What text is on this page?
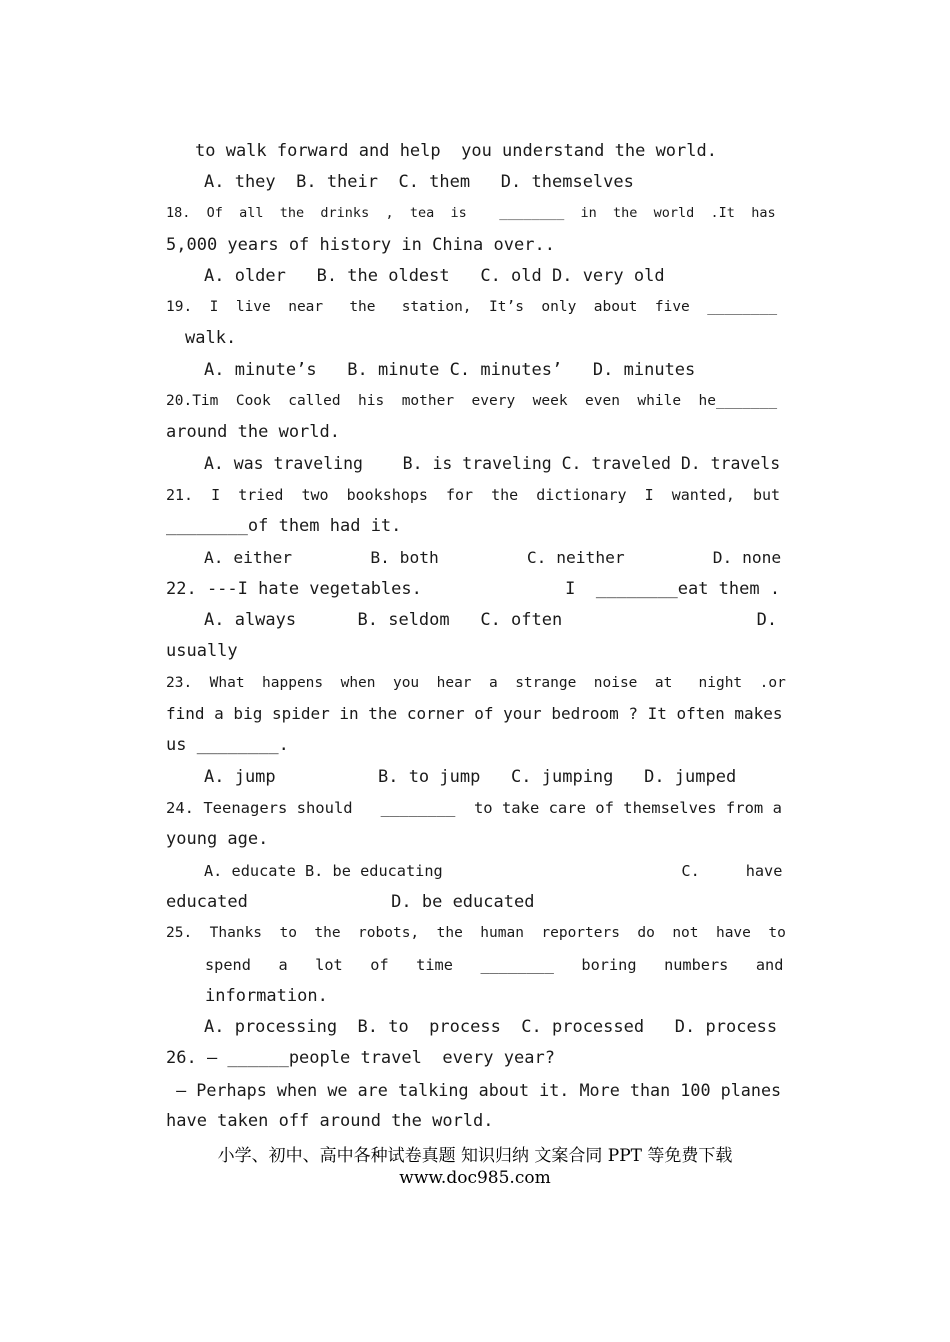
to walk forward and help  you understand the world.
A. they  B. their  C. them   D. themselves
18.  Of  all  the  drinks  ,  tea  is    ________  in  the  world  .It  has
5,000 years of history in China over..
A. older   B. the oldest   C. old D. very old
19.  I  live  near   the   station,  It’s  only  about  five  ________
walk.
A. minute’s   B. minute C. minutes’   D. minutes
20.Tim  Cook  called  his  mother  every  week  even  while  he_______
around the world.
A. was traveling    B. is traveling C. traveled D. travels
21.  I  tried  two  bookshops  for  the  dictionary  I  wanted,  but
________of them had it.
A. either        B. both         C. neither         D. none
22. ---I hate vegetables.              I  ________eat them .
A. always      B. seldom   C. often                   D.
usually
23.  What  happens  when  you  hear  a  strange  noise  at   night  .or
find a big spider in the corner of your bedroom ? It often makes
us ________.
A. jump          B. to jump   C. jumping   D. jumped
24. Teenagers should   ________  to take care of themselves from a
young age.
A. educate B. be educating                          C.     have
educated              D. be educated
25.  Thanks  to  the  robots,  the  human  reporters  do  not  have  to
spend   a   lot   of   time   ________   boring   numbers   and
information.
A. processing  B. to  process  C. processed   D. process
26. — ______people travel  every year?
— Perhaps when we are talking about it. More than 100 planes
have taken off around the world.
小学、初中、高中各种试卷真题 知识归纳 文案合同 PPT 等免费下载
www.doc985.com
